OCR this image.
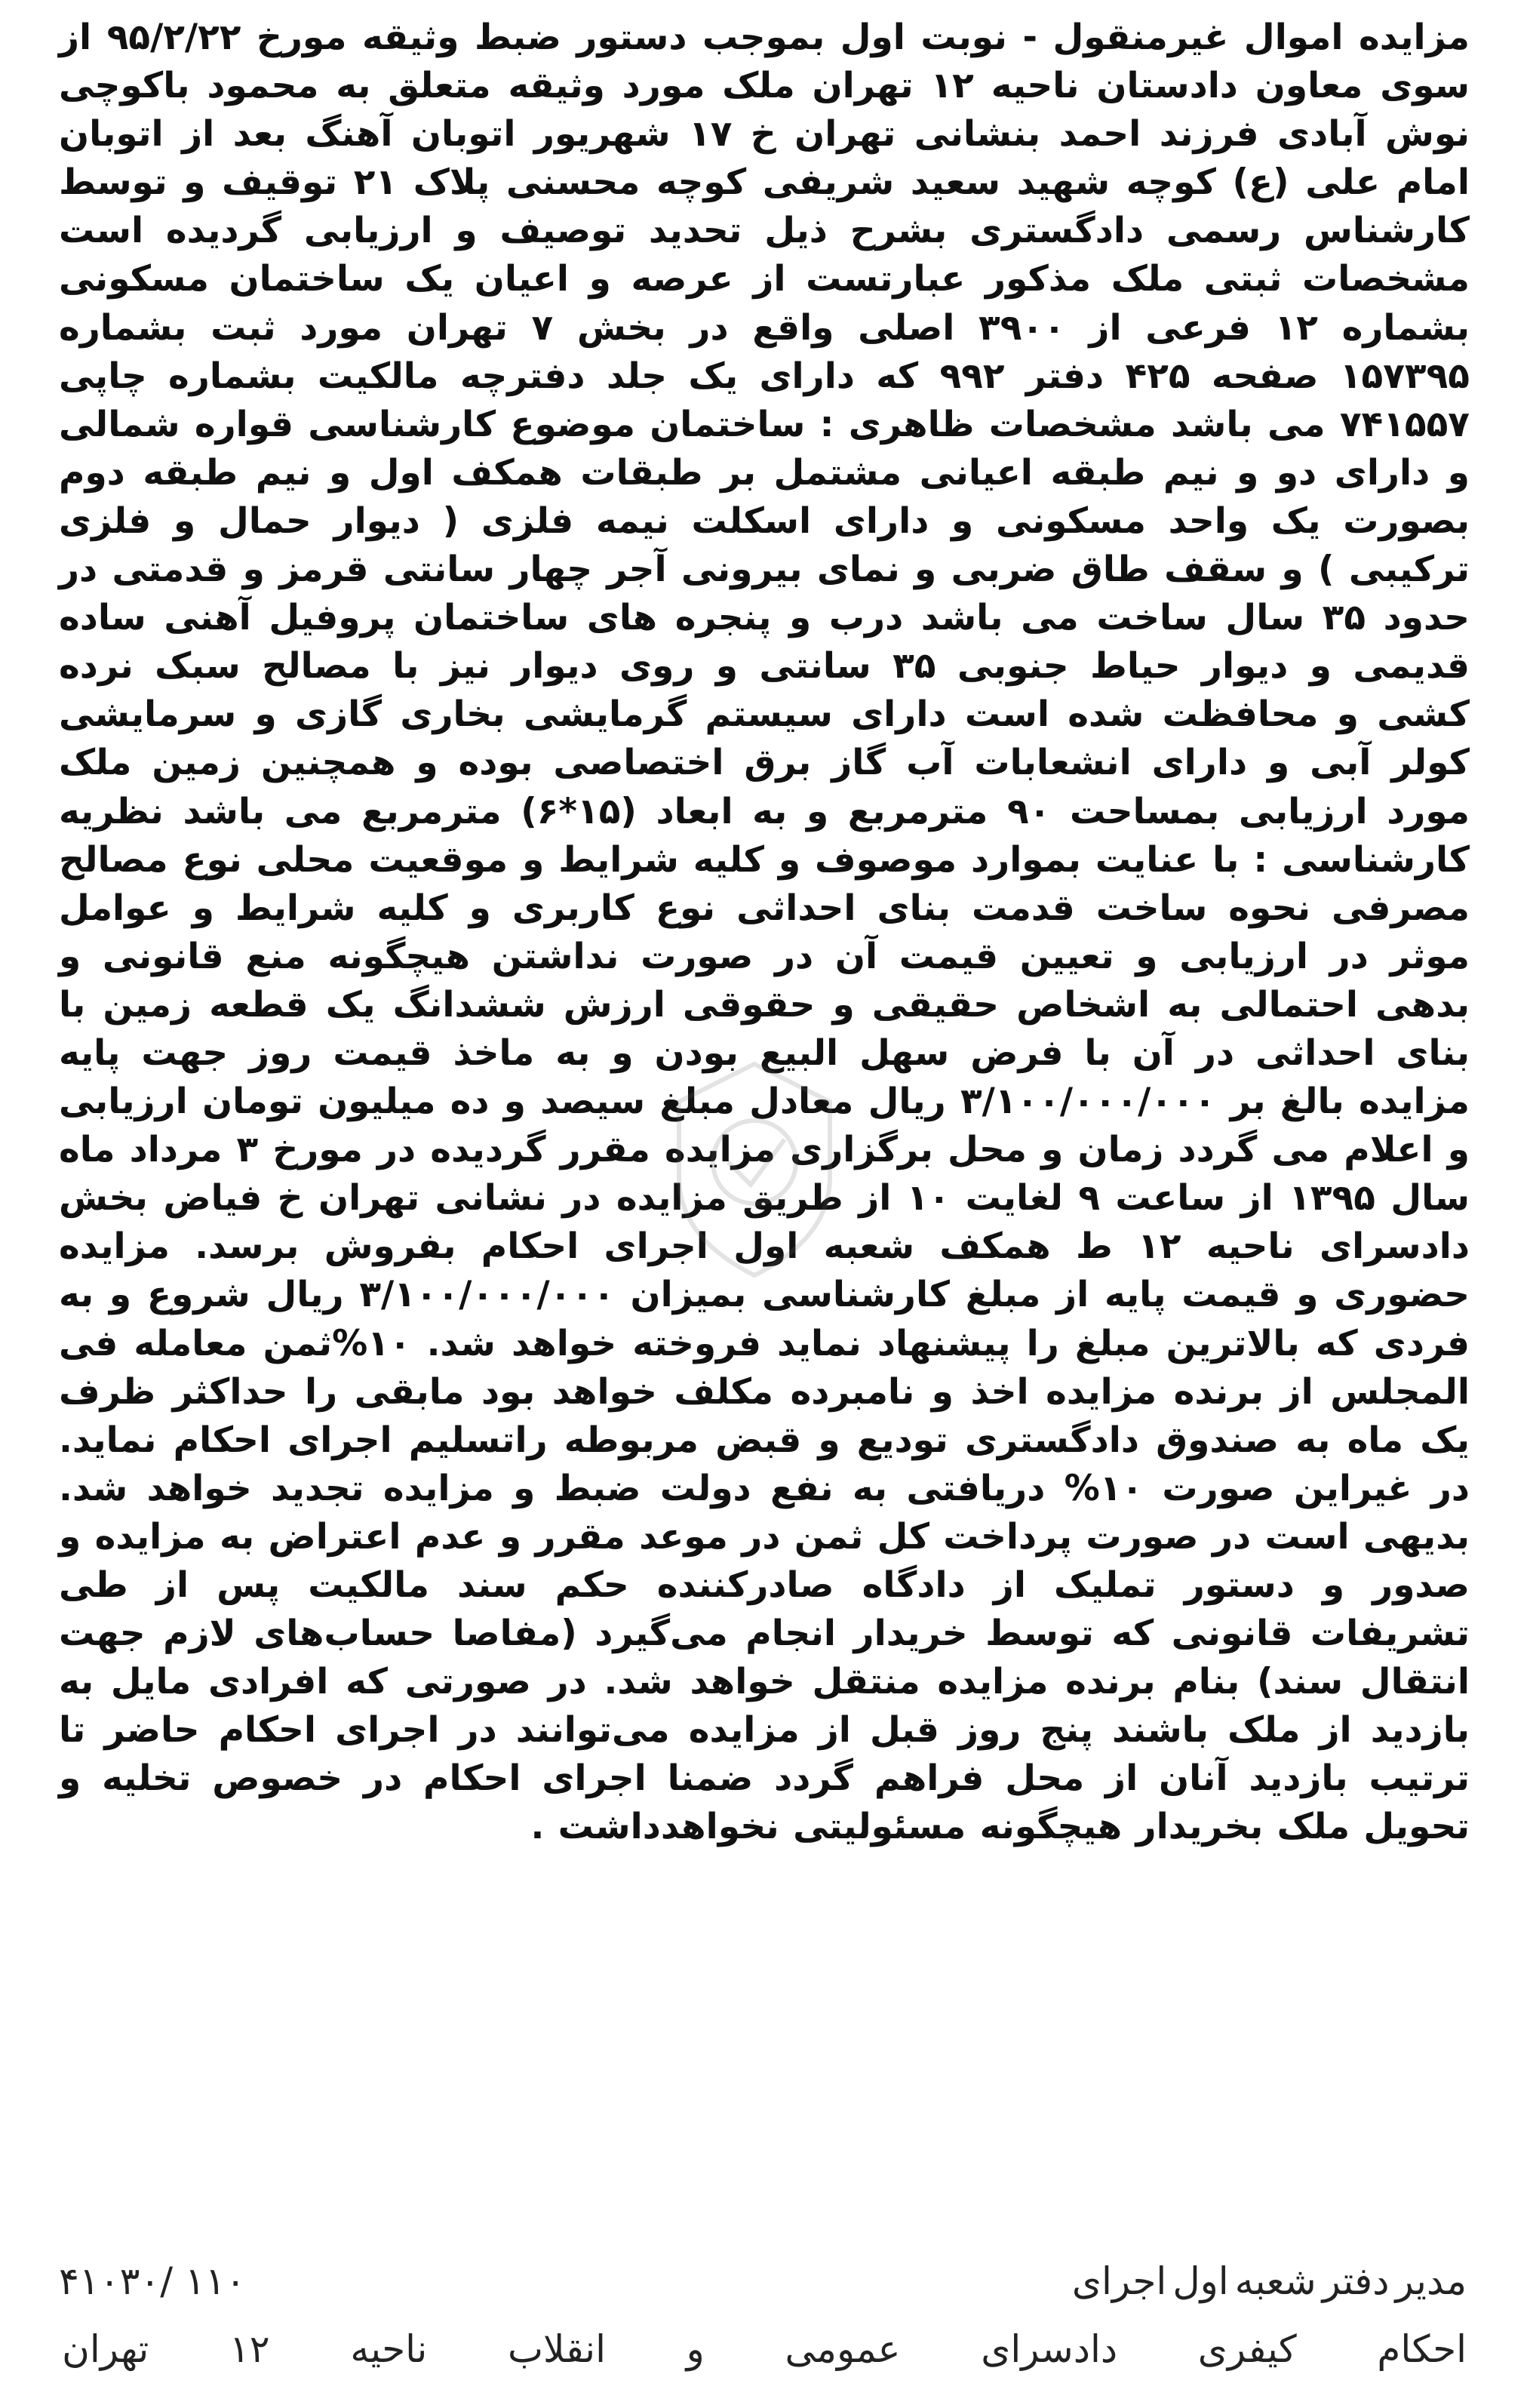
مزایده اموال غیرمنقول - نوبت اول بموجب دستور ضبط وثیقه مورخ ۹۵/۲/۲۲ از سوی معاون دادستان ناحیه ۱۲ تهران ملک مورد وثیقه متعلق به محمود باکوچی نوش آبادی فرزند احمد بنشانی تهران خ ۱۷ شهریور اتوبان آهنگ بعد از اتوبان امام علی (ع) کوچه شهید سعید شریفی کوچه محسنی پلاک ۲۱ توقیف و توسط کارشناس رسمی دادگستری بشرح ذیل تحدید توصیف و ارزیابی گردیده است مشخصات ثبتی ملک مذکور عبارتست از عرصه و اعیان یک ساختمان مسکونی بشماره ۱۲ فرعی از ۳۹۰۰ اصلی واقع در بخش ۷ تهران مورد ثبت بشماره ۱۵۷۳۹۵ صفحه ۴۲۵ دفتر ۹۹۲ که دارای یک جلد دفترچه مالکیت بشماره چاپی ۷۴۱۵۵۷ می باشد مشخصات ظاهری : ساختمان موضوع کارشناسی قواره شمالی و دارای دو و نیم طبقه اعیانی مشتمل بر طبقات همکف اول و نیم طبقه دوم بصورت یک واحد مسکونی و دارای اسکلت نیمه فلزی ( دیوار حمال و فلزی ترکیبی ) و سقف طاق ضربی و نمای بیرونی آجر چهار سانتی قرمز و قدمتی در حدود ۳۵ سال ساخت می باشد درب و پنجره های ساختمان پروفیل آهنی ساده قدیمی و دیوار حیاط جنوبی ۳۵ سانتی و روی دیوار نیز با مصالح سبک نرده کشی و محافظت شده است دارای سیستم گرمایشی بخاری گازی و سرمایشی کولر آبی و دارای انشعابات آب گاز برق اختصاصی بوده و همچنین زمین ملک مورد ارزیابی بمساحت ۹۰ مترمربع و به ابعاد (۱۵*۶) مترمربع می باشد نظریه کارشناسی : با عنایت بموارد موصوف و کلیه شرایط و موقعیت محلی نوع مصالح مصرفی نحوه ساخت قدمت بنای احداثی نوع کاربری و کلیه شرایط و عوامل موثر در ارزیابی و تعیین قیمت آن در صورت نداشتن هیچگونه منع قانونی و بدهی احتمالی به اشخاص حقیقی و حقوقی ارزش ششدانگ یک قطعه زمین با بنای احداثی در آن با فرض سهل البیع بودن و به ماخذ قیمت روز جهت پایه مزایده بالغ بر ۳/۱۰۰/۰۰۰/۰۰۰ ریال معادل مبلغ سیصد و ده میلیون تومان ارزیابی و اعلام می گردد زمان و محل برگزاری مزایده مقرر گردیده در مورخ ۳ مرداد ماه سال ۱۳۹۵ از ساعت ۹ لغایت ۱۰ از طریق مزایده در نشانی تهران خ فیاض بخش دادسرای ناحیه ۱۲ ط همکف شعبه اول اجرای احکام بفروش برسد. مزایده حضوری و قیمت پایه از مبلغ کارشناسی بمیزان ۳/۱۰۰/۰۰۰/۰۰۰ ریال شروع و به فردی که بالاترین مبلغ را پیشنهاد نماید فروخته خواهد شد. ۱۰%ثمن معامله فی المجلس از برنده مزایده اخذ و نامبرده مکلف خواهد بود مابقی را حداکثر ظرف یک ماه به صندوق دادگستری تودیع و قبض مربوطه راتسلیم اجرای احکام نماید. در غیراین صورت ۱۰% دریافتی به نفع دولت ضبط و مزایده تجدید خواهد شد. بدیهی است در صورت پرداخت کل ثمن در موعد مقرر و عدم اعتراض به مزایده و صدور و دستور تملیک از دادگاه صادرکننده حکم سند مالکیت پس از طی تشریفات قانونی که توسط خریدار انجام می‌گیرد (مفاصا حساب‌های لازم جهت انتقال سند) بنام برنده مزایده منتقل خواهد شد. در صورتی که افرادی مایل به بازدید از ملک باشند پنج روز قبل از مزایده می‌توانند در اجرای احکام حاضر تا ترتیب بازدید آنان از محل فراهم گردد ضمنا اجرای احکام در خصوص تخلیه و تحویل ملک بخریدار هیچگونه مسئولیتی نخواهدداشت .

مدیر
دفتر
شعبه
اول
اجرای
۱۱۰ /۴۱۰۳۰
احکام
کیفری
دادسرای
عمومی
و
انقلاب
ناحیه
۱۲
تهران
